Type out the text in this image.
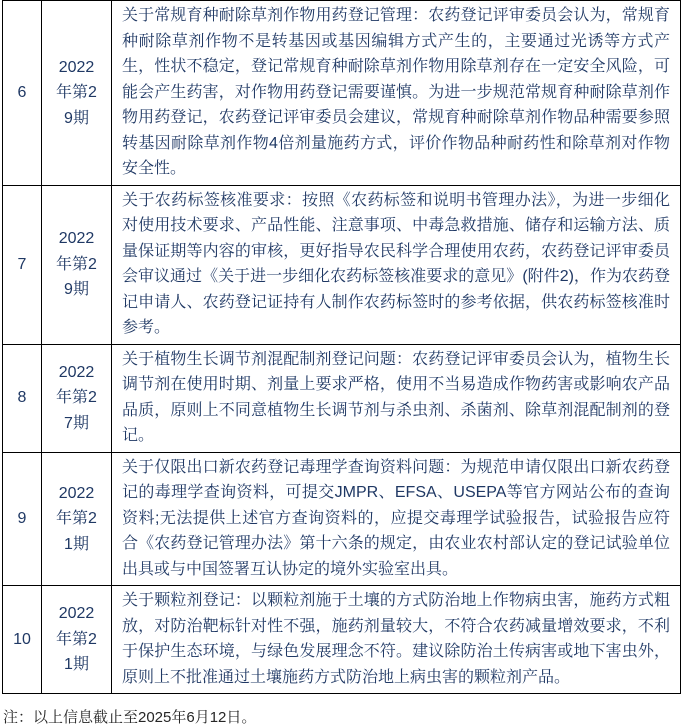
6	2022年第29期	关于常规育种耐除草剂作物用药登记管理：农药登记评审委员会认为，常规育种耐除草剂作物不是转基因或基因编辑方式产生的，主要通过光诱等方式产生，性状不稳定，登记常规育种耐除草剂作物用除草剂存在一定安全风险，可能会产生药害，对作物用药登记需要谨慎。为进一步规范常规育种耐除草剂作物用药登记，农药登记评审委员会建议，常规育种耐除草剂作物品种需要参照转基因耐除草剂作物4倍剂量施药方式，评价作物品种耐药性和除草剂对作物安全性。
7	2022年第29期	关于农药标签核准要求：按照《农药标签和说明书管理办法》，为进一步细化对使用技术要求、产品性能、注意事项、中毒急救措施、储存和运输方法、质量保证期等内容的审核，更好指导农民科学合理使用农药，农药登记评审委员会审议通过《关于进一步细化农药标签核准要求的意见》(附件2)，作为农药登记申请人、农药登记证持有人制作农药标签时的参考依据，供农药标签核准时参考。
8	2022年第27期	关于植物生长调节剂混配制剂登记问题：农药登记评审委员会认为，植物生长调节剂在使用时期、剂量上要求严格，使用不当易造成作物药害或影响农产品品质，原则上不同意植物生长调节剂与杀虫剂、杀菌剂、除草剂混配制剂的登记。
9	2022年第21期	关于仅限出口新农药登记毒理学查询资料问题：为规范申请仅限出口新农药登记的毒理学查询资料，可提交JMPR、EFSA、USEPA等官方网站公布的查询资料;无法提供上述官方查询资料的，应提交毒理学试验报告，试验报告应符合《农药登记管理办法》第十六条的规定，由农业农村部认定的登记试验单位出具或与中国签署互认协定的境外实验室出具。
10	2022年第21期	关于颗粒剂登记：以颗粒剂施于土壤的方式防治地上作物病虫害，施药方式粗放，对防治靶标针对性不强，施药剂量较大，不符合农药减量增效要求，不利于保护生态环境，与绿色发展理念不符。建议除防治土传病害或地下害虫外，原则上不批准通过土壤施药方式防治地上病虫害的颗粒剂产品。

注：以上信息截止至2025年6月12日。
